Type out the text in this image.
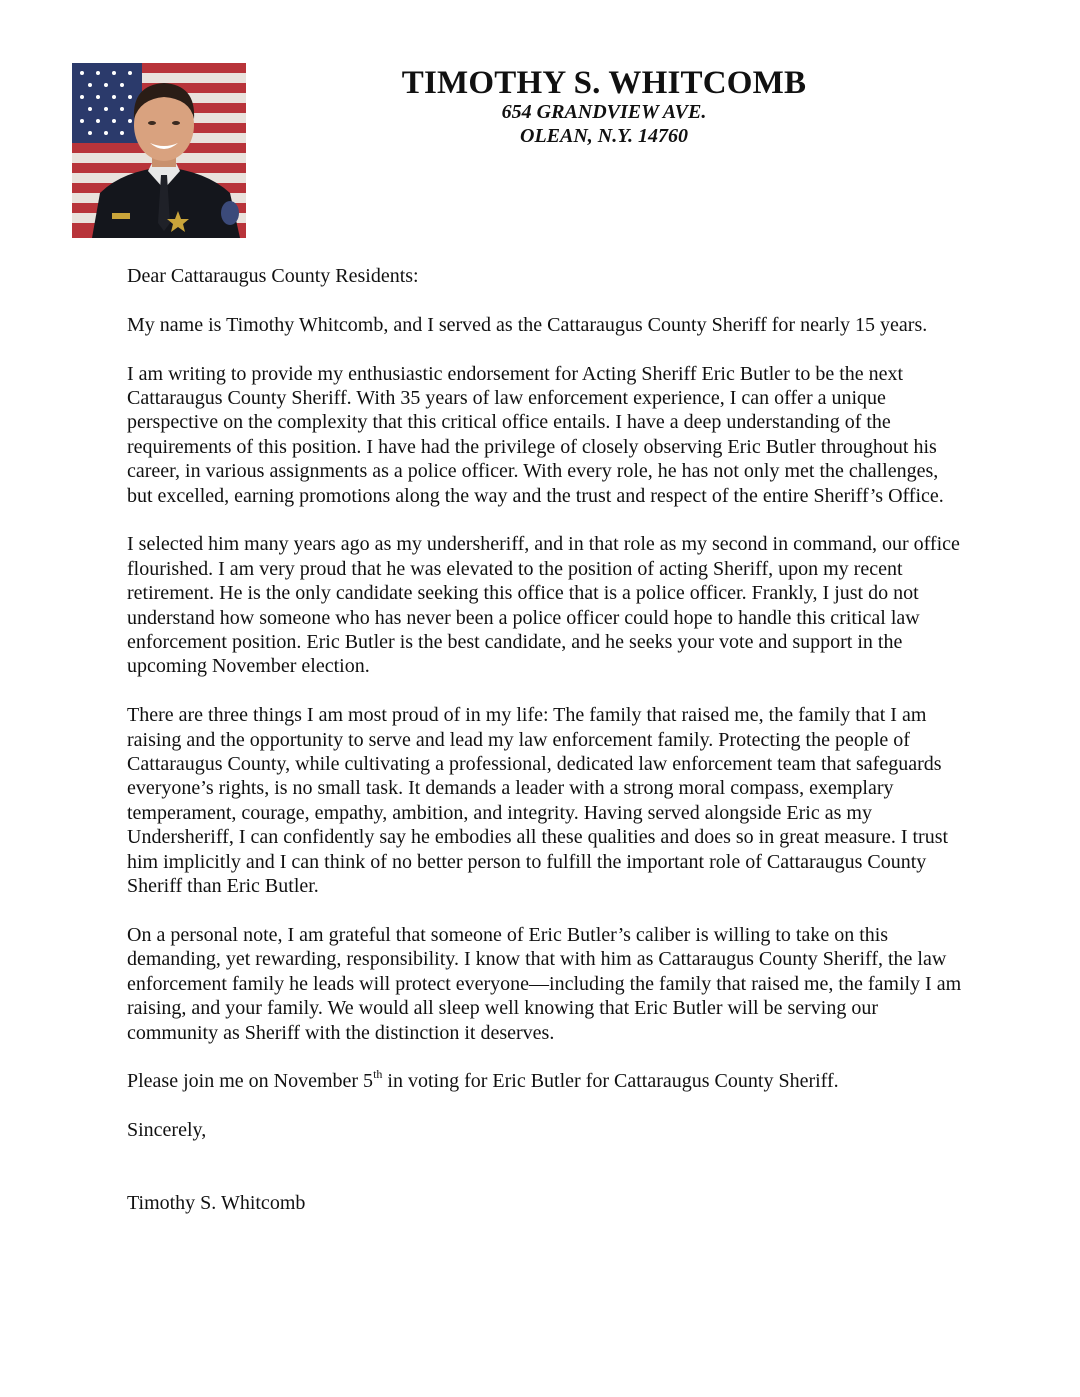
TIMOTHY S. WHITCOMB
654 GRANDVIEW AVE.
OLEAN, N.Y. 14760

Dear Cattaraugus County Residents:

My name is Timothy Whitcomb, and I served as the Cattaraugus County Sheriff for nearly 15 years.

I am writing to provide my enthusiastic endorsement for Acting Sheriff Eric Butler to be the next Cattaraugus County Sheriff. With 35 years of law enforcement experience, I can offer a unique perspective on the complexity that this critical office entails. I have a deep understanding of the requirements of this position. I have had the privilege of closely observing Eric Butler throughout his career, in various assignments as a police officer. With every role, he has not only met the challenges, but excelled, earning promotions along the way and the trust and respect of the entire Sheriff’s Office.

I selected him many years ago as my undersheriff, and in that role as my second in command, our office flourished. I am very proud that he was elevated to the position of acting Sheriff, upon my recent retirement. He is the only candidate seeking this office that is a police officer. Frankly, I just do not understand how someone who has never been a police officer could hope to handle this critical law enforcement position. Eric Butler is the best candidate, and he seeks your vote and support in the upcoming November election.

There are three things I am most proud of in my life: The family that raised me, the family that I am raising and the opportunity to serve and lead my law enforcement family. Protecting the people of Cattaraugus County, while cultivating a professional, dedicated law enforcement team that safeguards everyone’s rights, is no small task. It demands a leader with a strong moral compass, exemplary temperament, courage, empathy, ambition, and integrity. Having served alongside Eric as my Undersheriff, I can confidently say he embodies all these qualities and does so in great measure. I trust him implicitly and I can think of no better person to fulfill the important role of Cattaraugus County Sheriff than Eric Butler.

On a personal note, I am grateful that someone of Eric Butler’s caliber is willing to take on this demanding, yet rewarding, responsibility. I know that with him as Cattaraugus County Sheriff, the law enforcement family he leads will protect everyone—including the family that raised me, the family I am raising, and your family. We would all sleep well knowing that Eric Butler will be serving our community as Sheriff with the distinction it deserves.

Please join me on November 5th in voting for Eric Butler for Cattaraugus County Sheriff.

Sincerely,

Timothy S. Whitcomb
